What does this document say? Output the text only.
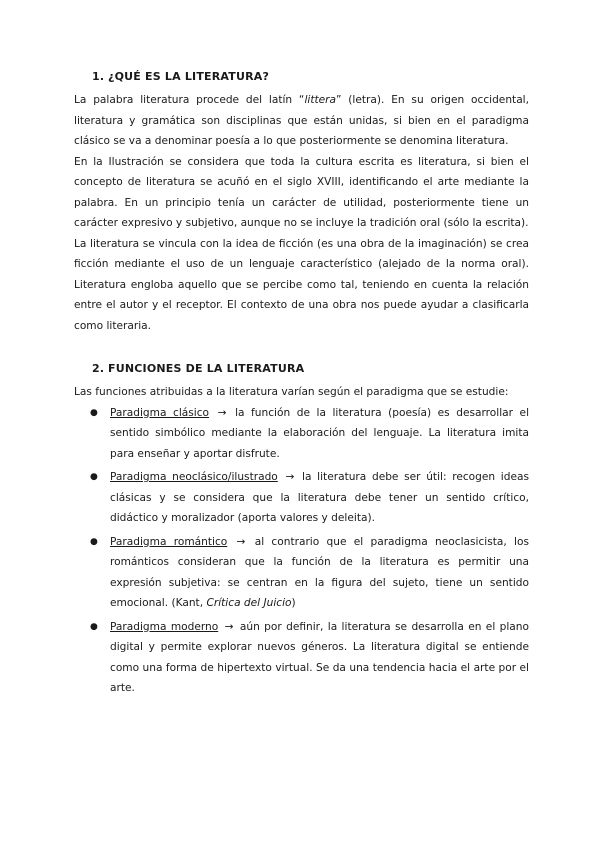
1. ¿QUÉ ES LA LITERATURA?

La palabra literatura procede del latín “littera” (letra). En su origen occidental, literatura y gramática son disciplinas que están unidas, si bien en el paradigma clásico se va a denominar poesía a lo que posteriormente se denomina literatura.

En la Ilustración se considera que toda la cultura escrita es literatura, si bien el concepto de literatura se acuñó en el siglo XVIII, identificando el arte mediante la palabra. En un principio tenía un carácter de utilidad, posteriormente tiene un carácter expresivo y subjetivo, aunque no se incluye la tradición oral (sólo la escrita).

La literatura se vincula con la idea de ficción (es una obra de la imaginación) se crea ficción mediante el uso de un lenguaje característico (alejado de la norma oral). Literatura engloba aquello que se percibe como tal, teniendo en cuenta la relación entre el autor y el receptor. El contexto de una obra nos puede ayudar a clasificarla como literaria.

2. FUNCIONES DE LA LITERATURA

Las funciones atribuidas a la literatura varían según el paradigma que se estudie:

● Paradigma clásico → la función de la literatura (poesía) es desarrollar el sentido simbólico mediante la elaboración del lenguaje. La literatura imita para enseñar y aportar disfrute.
● Paradigma neoclásico/ilustrado → la literatura debe ser útil: recogen ideas clásicas y se considera que la literatura debe tener un sentido crítico, didáctico y moralizador (aporta valores y deleita).
● Paradigma romántico → al contrario que el paradigma neoclasicista, los románticos consideran que la función de la literatura es permitir una expresión subjetiva: se centran en la figura del sujeto, tiene un sentido emocional. (Kant, Crítica del Juicio)
● Paradigma moderno → aún por definir, la literatura se desarrolla en el plano digital y permite explorar nuevos géneros. La literatura digital se entiende como una forma de hipertexto virtual. Se da una tendencia hacia el arte por el arte.
